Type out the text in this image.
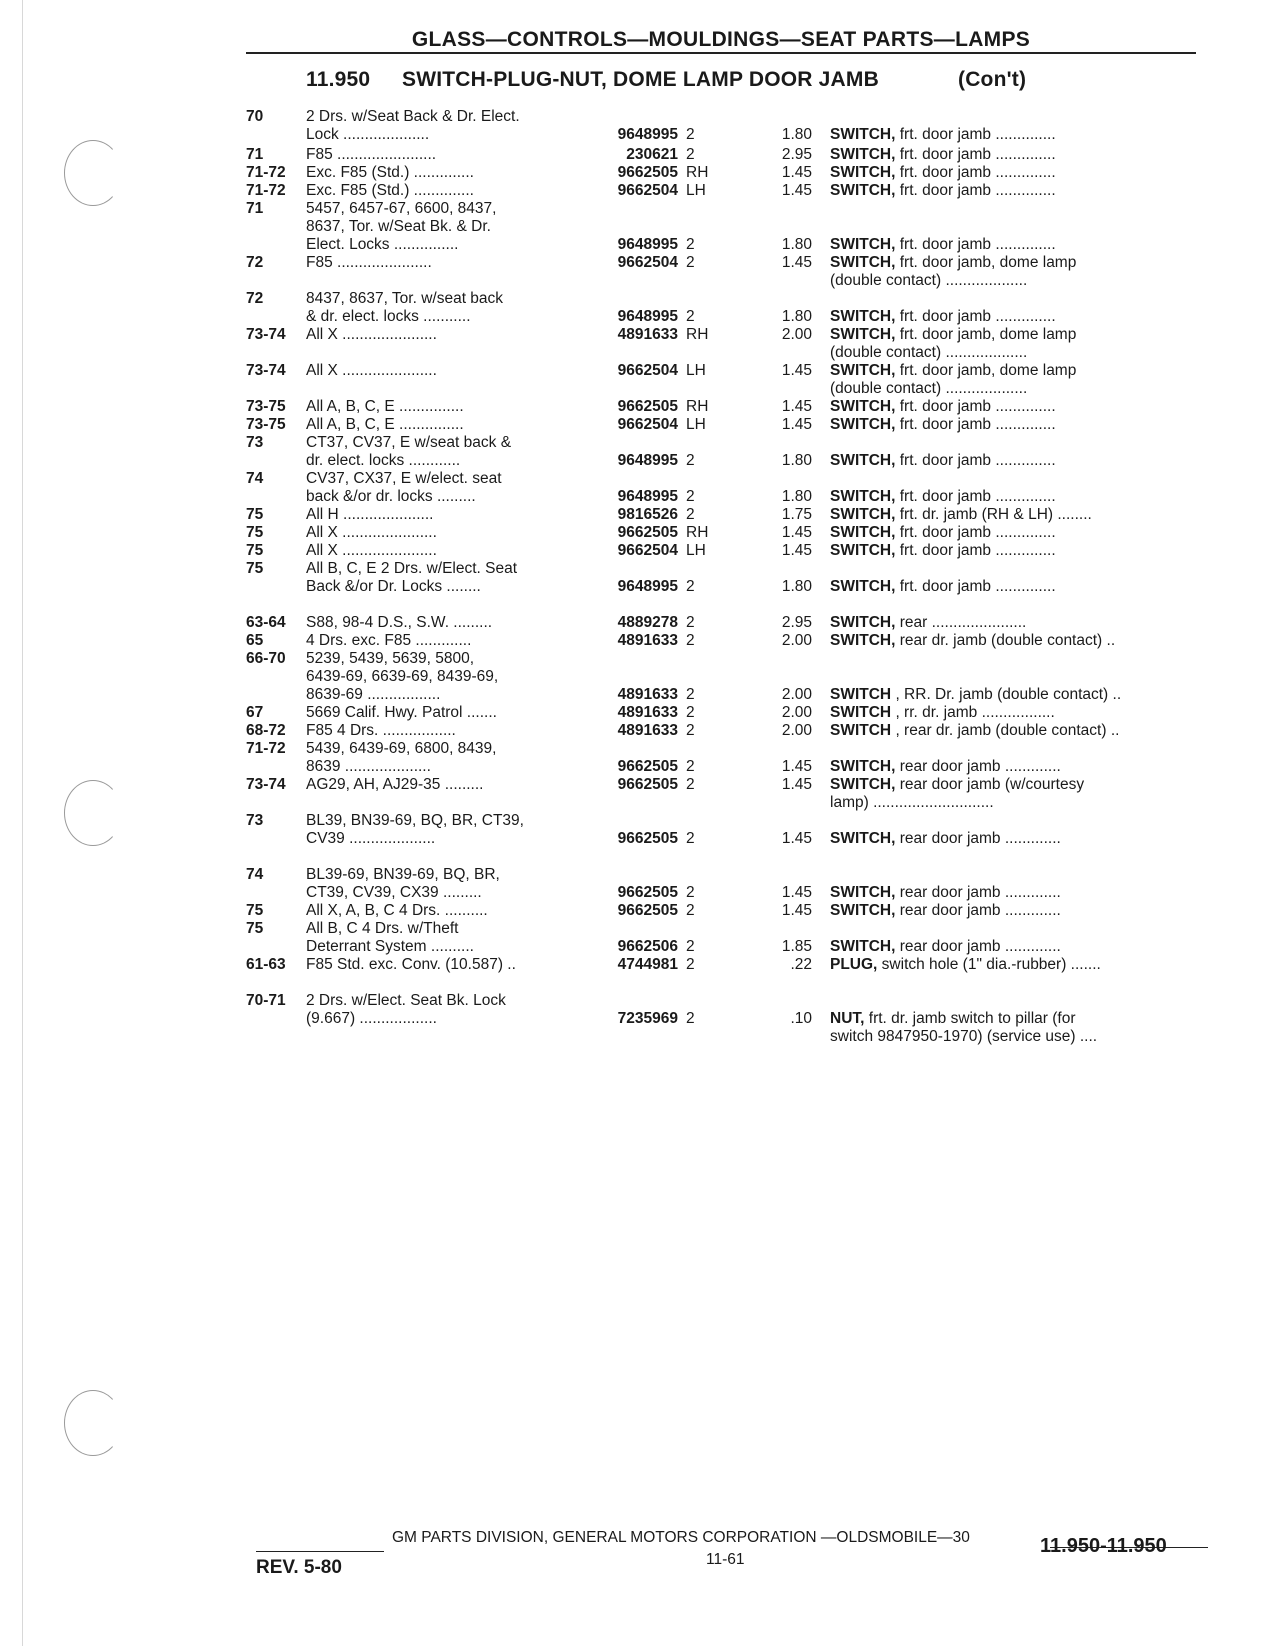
GLASS—CONTROLS—MOULDINGS—SEAT PARTS—LAMPS
11.950 SWITCH-PLUG-NUT, DOME LAMP DOOR JAMB	(Con't)
70	2 Drs. w/Seat Back & Dr. Elect.
Lock ....................	9648995 2	1.80 SWITCH, frt. door jamb ..............
71	F85 .......................	230621 2	2.95 SWITCH, frt. door jamb ..............
71-72 Exc. F85 (Std.) ..............	9662505 RH	1.45 SWITCH, frt. door jamb ..............
71-72 Exc. F85 (Std.) ..............	9662504 LH	1.45 SWITCH, frt. door jamb ..............
71	5457, 6457-67, 6600, 8437,
8637, Tor. w/Seat Bk. & Dr.
Elect. Locks ...............	9648995 2	1.80 SWITCH, frt. door jamb ..............
72	F85 ......................	9662504 2	1.45 SWITCH, frt. door jamb, dome lamp
(double contact) ...................
72	8437, 8637, Tor. w/seat back
& dr. elect. locks ...........	9648995 2	1.80 SWITCH, frt. door jamb ..............
73-74 All X ......................	4891633 RH	2.00 SWITCH, frt. door jamb, dome lamp
(double contact) ...................
73-74 All X ......................	9662504 LH	1.45 SWITCH, frt. door jamb, dome lamp
(double contact) ...................
73-75 All A, B, C, E ...............	9662505 RH	1.45 SWITCH, frt. door jamb ..............
73-75 All A, B, C, E ...............	9662504 LH	1.45 SWITCH, frt. door jamb ..............
73	CT37, CV37, E w/seat back &
dr. elect. locks ............	9648995 2	1.80 SWITCH, frt. door jamb ..............
74	CV37, CX37, E w/elect. seat
back &/or dr. locks .........	9648995 2	1.80 SWITCH, frt. door jamb ..............
75	All H .....................	9816526 2	1.75 SWITCH, frt. dr. jamb (RH & LH) ........
75	All X ......................	9662505 RH	1.45 SWITCH, frt. door jamb ..............
75	All X ......................	9662504 LH	1.45 SWITCH, frt. door jamb ..............
75	All B, C, E 2 Drs. w/Elect. Seat
Back &/or Dr. Locks ........	9648995 2	1.80 SWITCH, frt. door jamb ..............
63-64 S88, 98-4 D.S., S.W. .........	4889278 2	2.95 SWITCH, rear ......................
65	4 Drs. exc. F85 .............	4891633 2	2.00 SWITCH, rear dr. jamb (double contact) ..
66-70 5239, 5439, 5639, 5800,
6439-69, 6639-69, 8439-69,
8639-69 .................	4891633 2	2.00 SWITCH , RR. Dr. jamb (double contact) ..
67	5669 Calif. Hwy. Patrol .......	4891633 2	2.00 SWITCH , rr. dr. jamb .................
68-72 F85 4 Drs. .................	4891633 2	2.00 SWITCH , rear dr. jamb (double contact) ..
71-72 5439, 6439-69, 6800, 8439,
8639 ....................	9662505 2	1.45 SWITCH, rear door jamb .............
73-74 AG29, AH, AJ29-35 .........	9662505 2	1.45 SWITCH, rear door jamb (w/courtesy
lamp) ............................
73	BL39, BN39-69, BQ, BR, CT39,
CV39 ....................	9662505 2	1.45 SWITCH, rear door jamb .............
74	BL39-69, BN39-69, BQ, BR,
CT39, CV39, CX39 .........	9662505 2	1.45 SWITCH, rear door jamb .............
75	All X, A, B, C 4 Drs. ..........	9662505 2	1.45 SWITCH, rear door jamb .............
75	All B, C 4 Drs. w/Theft
Deterrant System ..........	9662506 2	1.85 SWITCH, rear door jamb .............
61-63 F85 Std. exc. Conv. (10.587) ..	4744981 2	.22 PLUG, switch hole (1" dia.-rubber) .......
70-71 2 Drs. w/Elect. Seat Bk. Lock
(9.667) ..................	7235969 2	.10 NUT, frt. dr. jamb switch to pillar (for
switch 9847950-1970) (service use) ....
GM PARTS DIVISION, GENERAL MOTORS CORPORATION —OLDSMOBILE—30
REV. 5-80	11-61
11.950-11.950
